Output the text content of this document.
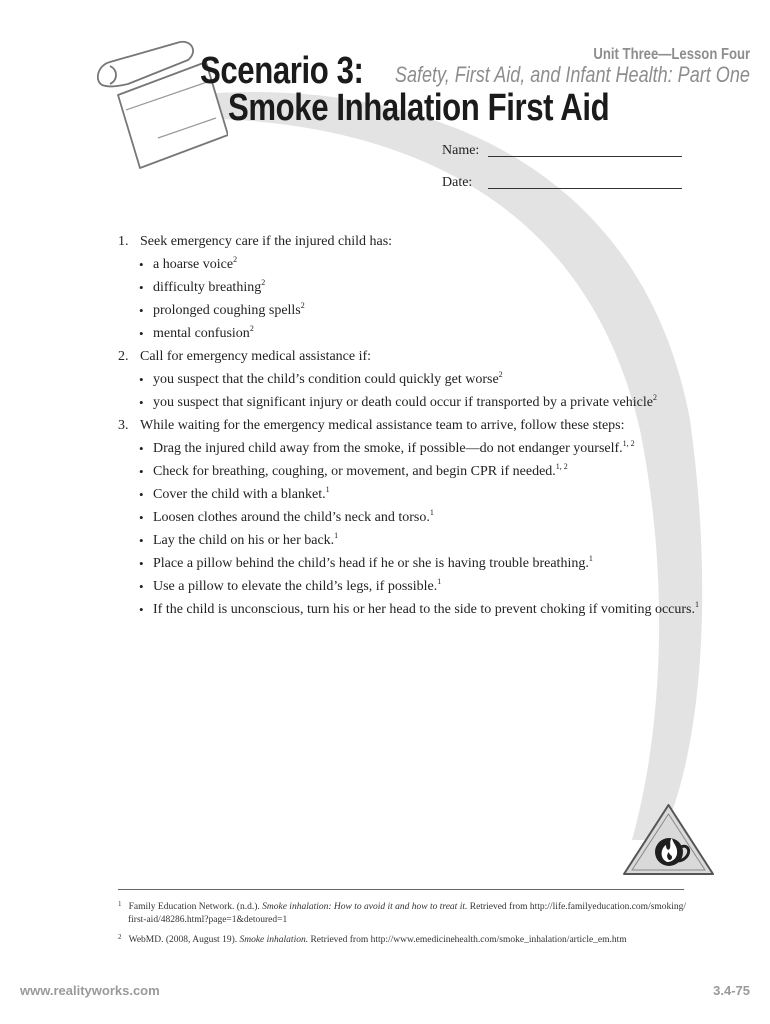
Scenario 3:
Smoke Inhalation First Aid
Unit Three—Lesson Four
Safety, First Aid, and Infant Health: Part One
Name:
Date:
1. Seek emergency care if the injured child has:
• a hoarse voice$^2$
• difficulty breathing$^2$
• prolonged coughing spells$^2$
• mental confusion$^2$
2. Call for emergency medical assistance if:
• you suspect that the child’s condition could quickly get worse$^2$
• you suspect that significant injury or death could occur if transported by a private vehicle$^2$
3. While waiting for the emergency medical assistance team to arrive, follow these steps:
• Drag the injured child away from the smoke, if possible—do not endanger yourself.$^{1, 2}$
• Check for breathing, coughing, or movement, and begin CPR if needed.$^{1, 2}$
• Cover the child with a blanket.$^1$
• Loosen clothes around the child’s neck and torso.$^1$
• Lay the child on his or her back.$^1$
• Place a pillow behind the child’s head if he or she is having trouble breathing.$^1$
• Use a pillow to elevate the child’s legs, if possible.$^1$
• If the child is unconscious, turn his or her head to the side to prevent choking if vomiting occurs.$^1$
$^1$ Family Education Network. (n.d.). Smoke inhalation: How to avoid it and how to treat it. Retrieved from http://life.familyeducation.com/smoking/
first-aid/48286.html?page=1&detoured=1
$^2$ WebMD. (2008, August 19). Smoke inhalation. Retrieved from http://www.emedicinehealth.com/smoke_inhalation/article_em.htm
www.realityworks.com	3.4-75
